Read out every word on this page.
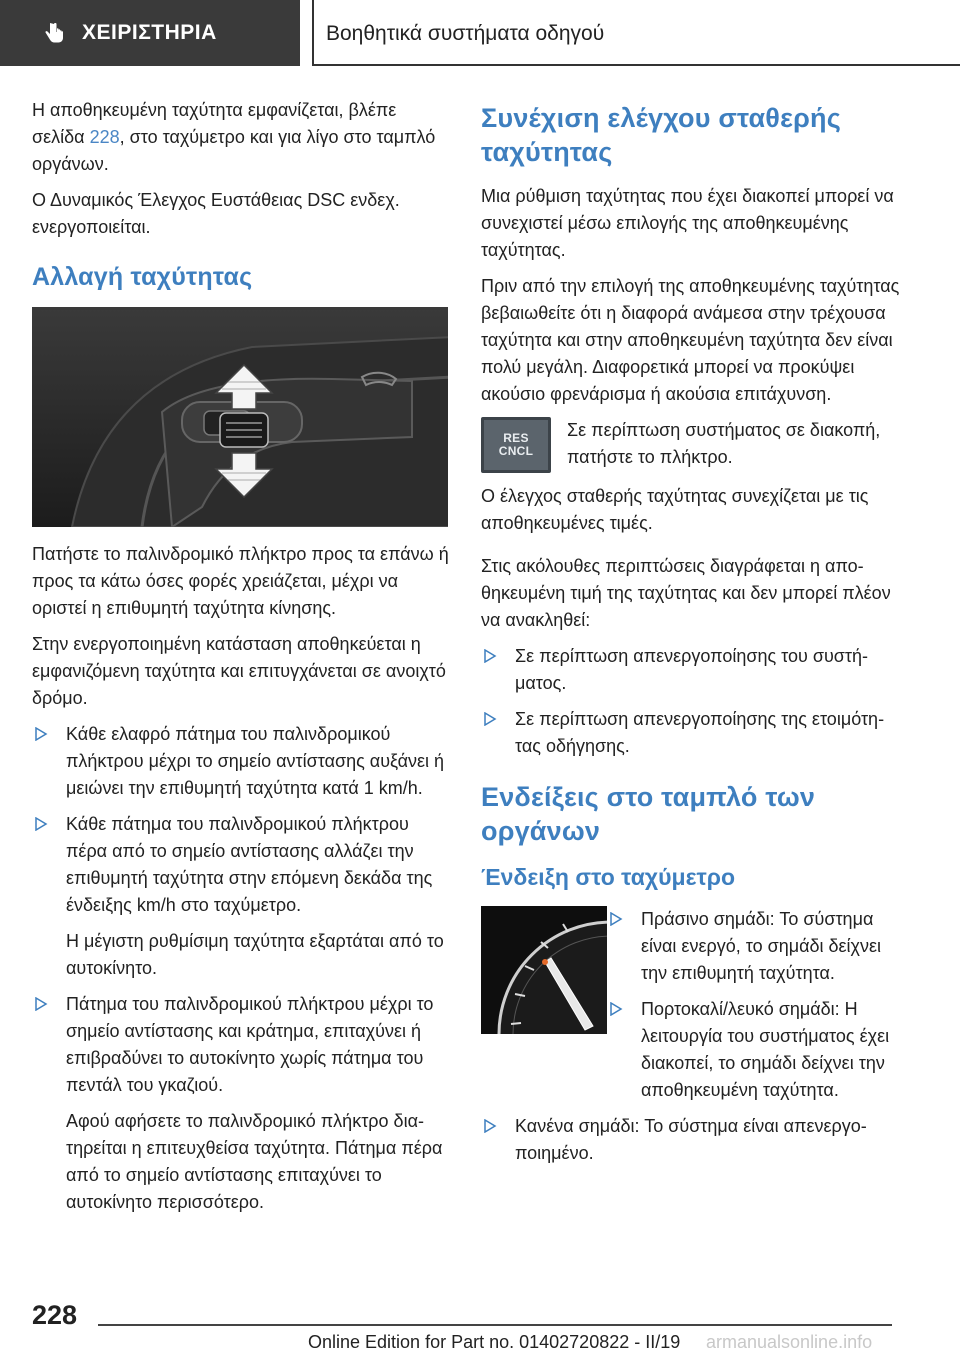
ΧΕΙΡΙΣΤΗΡΙΑ	Βοηθητικά συστήματα οδηγού

Η αποθηκευμένη ταχύτητα εμφανίζεται, βλέπε σελίδα 228, στο ταχύμετρο και για λίγο στο ταμπλό οργάνων.

Ο Δυναμικός Έλεγχος Ευστάθειας DSC ενδεχ. ενεργοποιείται.

Αλλαγή ταχύτητας

Πατήστε το παλινδρομικό πλήκτρο προς τα επάνω ή προς τα κάτω όσες φορές χρειάζεται, μέχρι να οριστεί η επιθυμητή ταχύτητα κίνησης.

Στην ενεργοποιημένη κατάσταση αποθηκεύεται η εμφανιζόμενη ταχύτητα και επιτυγχάνεται σε ανοιχτό δρόμο.

Κάθε ελαφρό πάτημα του παλινδρομικού πλήκτρου μέχρι το σημείο αντίστασης αυξάνει ή μειώνει την επιθυμητή ταχύτητα κατά 1 km/h.

Κάθε πάτημα του παλινδρομικού πλήκτρου πέρα από το σημείο αντίστασης αλλάζει την επιθυμητή ταχύτητα στην επόμενη δεκάδα της ένδειξης km/h στο ταχύμετρο.

Η μέγιστη ρυθμίσιμη ταχύτητα εξαρτάται από το αυτοκίνητο.

Πάτημα του παλινδρομικού πλήκτρου μέχρι το σημείο αντίστασης και κράτημα, επιταχύνει ή επιβραδύνει το αυτοκίνητο χωρίς πάτημα του πεντάλ του γκαζιού.

Αφού αφήσετε το παλινδρομικό πλήκτρο διατηρείται η επιτευχθείσα ταχύτητα. Πάτημα πέρα από το σημείο αντίστασης επιταχύνει το αυτοκίνητο περισσότερο.

Συνέχιση ελέγχου σταθερής ταχύτητας

Μια ρύθμιση ταχύτητας που έχει διακοπεί μπορεί να συνεχιστεί μέσω επιλογής της αποθηκευμένης ταχύτητας.

Πριν από την επιλογή της αποθηκευμένης ταχύτητας βεβαιωθείτε ότι η διαφορά ανάμεσα στην τρέχουσα ταχύτητα και στην αποθηκευμένη ταχύτητα δεν είναι πολύ μεγάλη. Διαφορετικά μπορεί να προκύψει ακούσιο φρενάρισμα ή ακούσια επιτάχυνση.

RES
CNCL

Σε περίπτωση συστήματος σε διακοπή, πατήστε το πλήκτρο.

Ο έλεγχος σταθερής ταχύτητας συνεχίζεται με τις αποθηκευμένες τιμές.

Στις ακόλουθες περιπτώσεις διαγράφεται η αποθηκευμένη τιμή της ταχύτητας και δεν μπορεί πλέον να ανακληθεί:

Σε περίπτωση απενεργοποίησης του συστήματος.

Σε περίπτωση απενεργοποίησης της ετοιμότητας οδήγησης.

Ενδείξεις στο ταμπλό των οργάνων
Ένδειξη στο ταχύμετρο

Πράσινο σημάδι: Το σύστημα είναι ενεργό, το σημάδι δείχνει την επιθυμητή ταχύτητα.

Πορτοκαλί/λευκό σημάδι: Η λειτουργία του συστήματος έχει διακοπεί, το σημάδι δείχνει την αποθηκευμένη ταχύτητα.

Κανένα σημάδι: Το σύστημα είναι απενεργοποιημένο.

228
Online Edition for Part no. 01402720822 - II/19 armanualsonline.info
